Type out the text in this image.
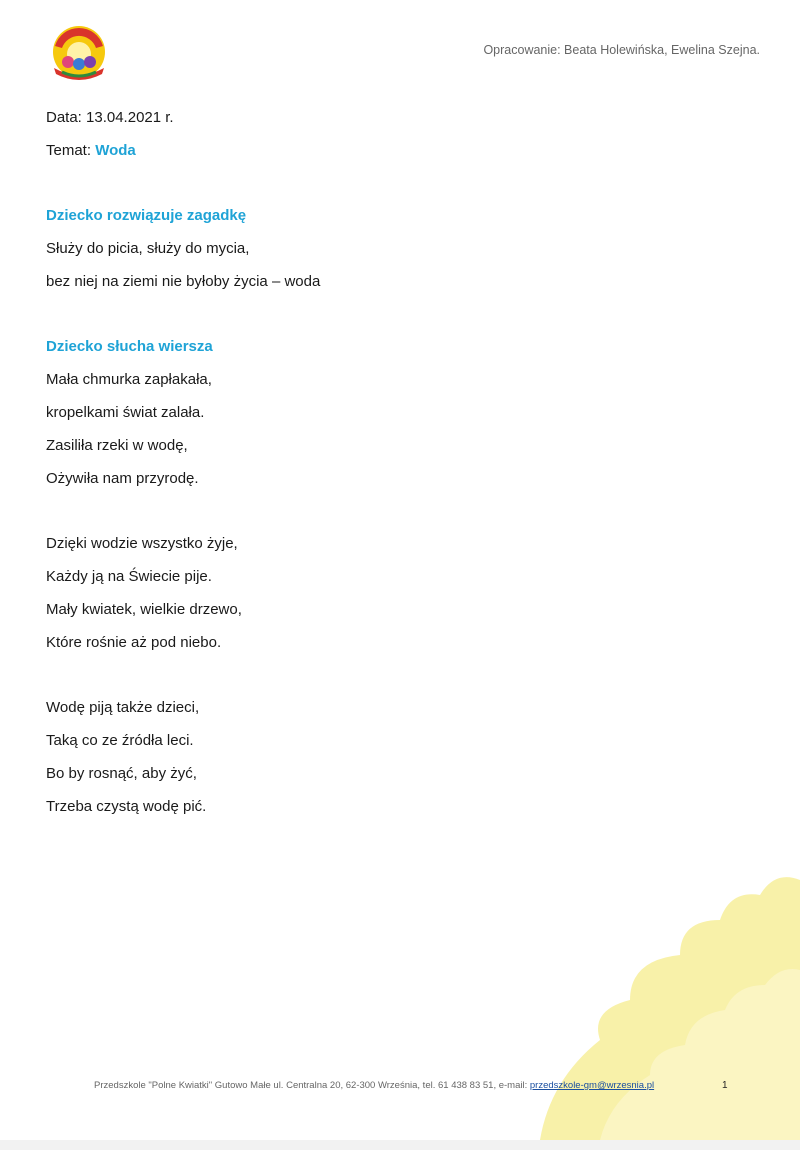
Opracowanie: Beata Holewińska, Ewelina Szejna.

Data: 13.04.2021 r.

Temat: Woda

Dziecko rozwiązuje zagadkę

Służy do picia, służy do mycia,

bez niej na ziemi nie byłoby życia – woda

Dziecko słucha wiersza

Mała chmurka zapłakała,

kropelkami świat zalała.

Zasiliła rzeki w wodę,

Ożywiła nam przyrodę.

Dzięki wodzie wszystko żyje,

Każdy ją na Świecie pije.

Mały kwiatek, wielkie drzewo,

Które rośnie aż pod niebo.

Wodę piją także dzieci,

Taką co ze źródła leci.

Bo by rosnąć, aby żyć,

Trzeba czystą wodę pić.

Przedszkole "Polne Kwiatki" Gutowo Małe ul. Centralna 20, 62-300 Września, tel. 61 438 83 51, e-mail: przedszkole-gm@wrzesnia.pl	1
